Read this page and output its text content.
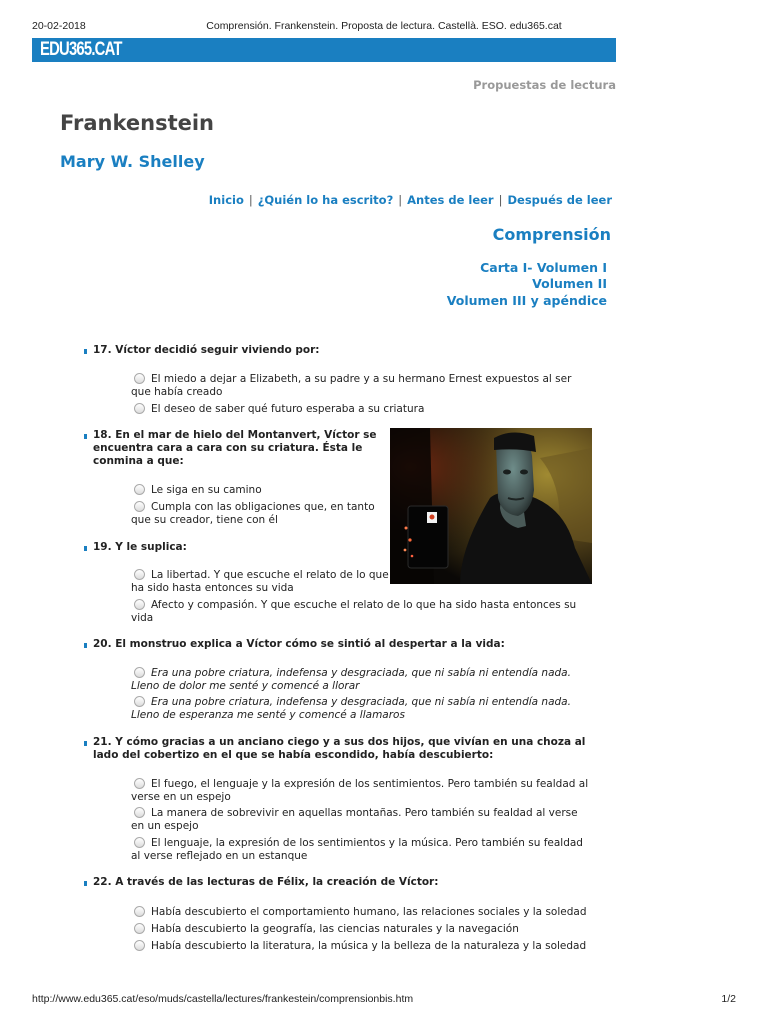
20-02-2018	Comprensión. Frankenstein. Proposta de lectura. Castellà. ESO. edu365.cat
EDU365.CAT
Propuestas de lectura
Frankenstein
Mary W. Shelley
Inicio | ¿Quién lo ha escrito? | Antes de leer | Después de leer
Comprensión
Carta I- Volumen I
Volumen II
Volumen III y apéndice
17. Víctor decidió seguir viviendo por:
El miedo a dejar a Elizabeth, a su padre y a su hermano Ernest expuestos al ser
que había creado
El deseo de saber qué futuro esperaba a su criatura
18. En el mar de hielo del Montanvert, Víctor se
encuentra cara a cara con su criatura. Ésta le
conmina a que:
Le siga en su camino
Cumpla con las obligaciones que, en tanto
que su creador, tiene con él
19. Y le suplica:
La libertad. Y que escuche el relato de lo que
ha sido hasta entonces su vida
Afecto y compasión. Y que escuche el relato de lo que ha sido hasta entonces su
vida
20. El monstruo explica a Víctor cómo se sintió al despertar a la vida:
Era una pobre criatura, indefensa y desgraciada, que ni sabía ni entendía nada.
Lleno de dolor me senté y comencé a llorar
Era una pobre criatura, indefensa y desgraciada, que ni sabía ni entendía nada.
Lleno de esperanza me senté y comencé a llamaros
21. Y cómo gracias a un anciano ciego y a sus dos hijos, que vivían en una choza al
lado del cobertizo en el que se había escondido, había descubierto:
El fuego, el lenguaje y la expresión de los sentimientos. Pero también su fealdad al
verse en un espejo
La manera de sobrevivir en aquellas montañas. Pero también su fealdad al verse
en un espejo
El lenguaje, la expresión de los sentimientos y la música. Pero también su fealdad
al verse reflejado en un estanque
22. A través de las lecturas de Félix, la creación de Víctor:
Había descubierto el comportamiento humano, las relaciones sociales y la soledad
Había descubierto la geografía, las ciencias naturales y la navegación
Había descubierto la literatura, la música y la belleza de la naturaleza y la soledad
http://www.edu365.cat/eso/muds/castella/lectures/frankestein/comprensionbis.htm	1/2
